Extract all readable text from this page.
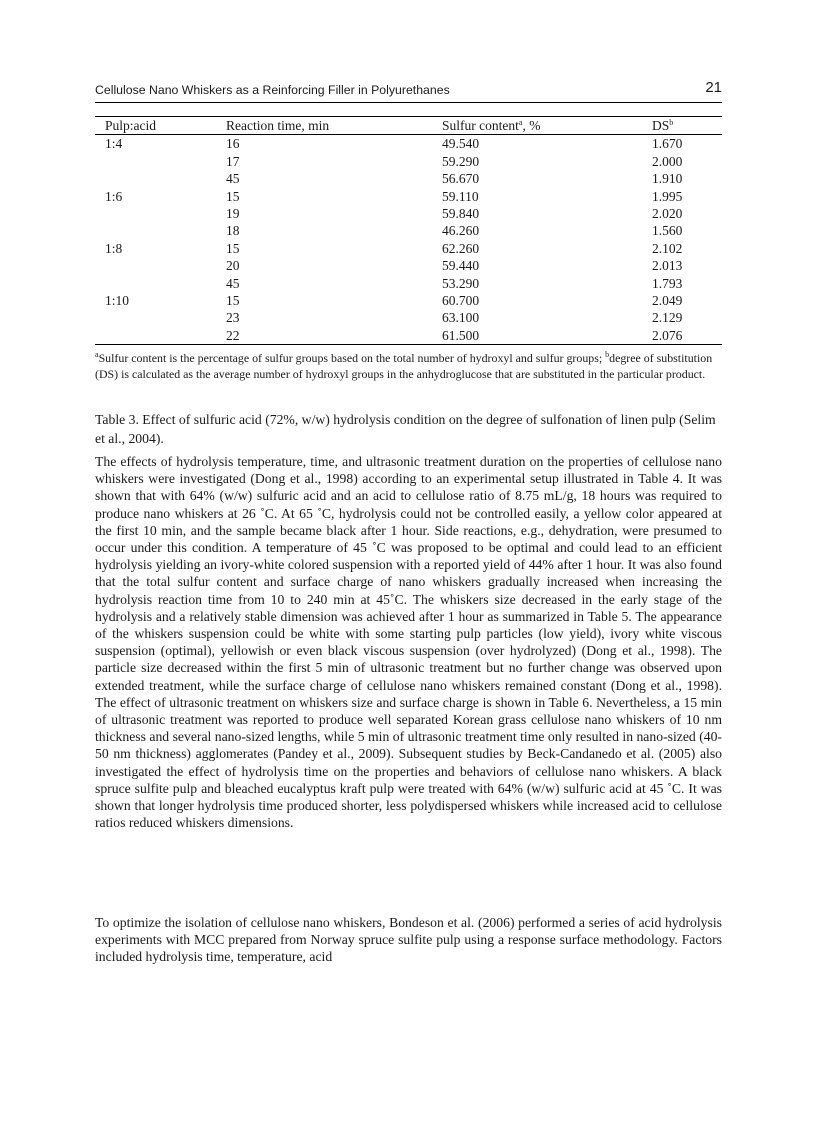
Cellulose Nano Whiskers as a Reinforcing Filler in Polyurethanes	21
Pulp:acid	Reaction time, min	Sulfur content$^a$, %	$DS^b$
1:4	16	49.540	1.670
	17	59.290	2.000
	45	56.670	1.910
1:6	15	59.110	1.995
	19	59.840	2.020
	18	46.260	1.560
1:8	15	62.260	2.102
	20	59.440	2.013
	45	53.290	1.793
1:10	15	60.700	2.049
	23	63.100	2.129
	22	61.500	2.076
$^a$Sulfur content is the percentage of sulfur groups based on the total number of hydroxyl and sulfur groups; $^b$degree of substitution (DS) is calculated as the average number of hydroxyl groups in the anhydroglucose that are substituted in the particular product.
Table 3. Effect of sulfuric acid (72%, w/w) hydrolysis condition on the degree of sulfonation of linen pulp (Selim et al., 2004).
The effects of hydrolysis temperature, time, and ultrasonic treatment duration on the properties of cellulose nano whiskers were investigated (Dong et al., 1998) according to an experimental setup illustrated in Table 4. It was shown that with 64% (w/w) sulfuric acid and an acid to cellulose ratio of 8.75 mL/g, 18 hours was required to produce nano whiskers at 26 ˚C. At 65 ˚C, hydrolysis could not be controlled easily, a yellow color appeared at the first 10 min, and the sample became black after 1 hour. Side reactions, e.g., dehydration, were presumed to occur under this condition. A temperature of 45 ˚C was proposed to be optimal and could lead to an efficient hydrolysis yielding an ivory-white colored suspension with a reported yield of 44% after 1 hour. It was also found that the total sulfur content and surface charge of nano whiskers gradually increased when increasing the hydrolysis reaction time from 10 to 240 min at 45˚C. The whiskers size decreased in the early stage of the hydrolysis and a relatively stable dimension was achieved after 1 hour as summarized in Table 5. The appearance of the whiskers suspension could be white with some starting pulp particles (low yield), ivory white viscous suspension (optimal), yellowish or even black viscous suspension (over hydrolyzed) (Dong et al., 1998). The particle size decreased within the first 5 min of ultrasonic treatment but no further change was observed upon extended treatment, while the surface charge of cellulose nano whiskers remained constant (Dong et al., 1998). The effect of ultrasonic treatment on whiskers size and surface charge is shown in Table 6. Nevertheless, a 15 min of ultrasonic treatment was reported to produce well separated Korean grass cellulose nano whiskers of 10 nm thickness and several nano-sized lengths, while 5 min of ultrasonic treatment time only resulted in nano-sized (40-50 nm thickness) agglomerates (Pandey et al., 2009). Subsequent studies by Beck-Candanedo et al. (2005) also investigated the effect of hydrolysis time on the properties and behaviors of cellulose nano whiskers. A black spruce sulfite pulp and bleached eucalyptus kraft pulp were treated with 64% (w/w) sulfuric acid at 45 ˚C. It was shown that longer hydrolysis time produced shorter, less polydispersed whiskers while increased acid to cellulose ratios reduced whiskers dimensions.
To optimize the isolation of cellulose nano whiskers, Bondeson et al. (2006) performed a series of acid hydrolysis experiments with MCC prepared from Norway spruce sulfite pulp using a response surface methodology. Factors included hydrolysis time, temperature, acid
